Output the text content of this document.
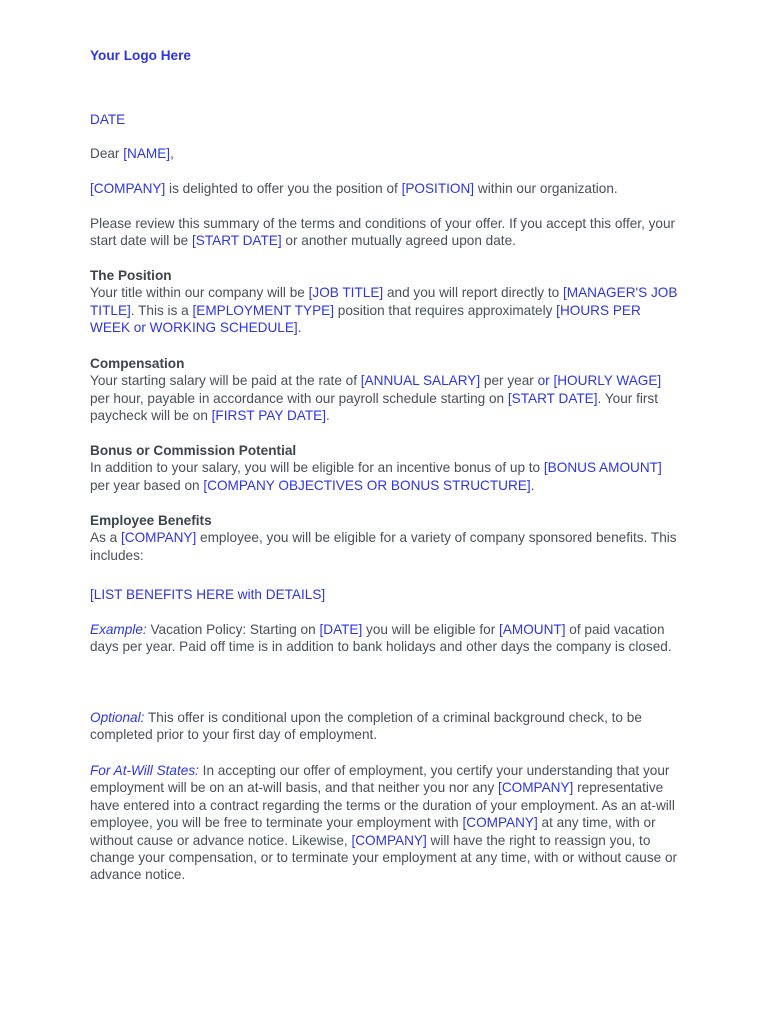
Your Logo Here
DATE
Dear [NAME],
[COMPANY] is delighted to offer you the position of [POSITION] within our organization.
Please review this summary of the terms and conditions of your offer. If you accept this offer, your start date will be [START DATE] or another mutually agreed upon date.
The Position
Your title within our company will be [JOB TITLE] and you will report directly to [MANAGER'S JOB TITLE]. This is a [EMPLOYMENT TYPE] position that requires approximately [HOURS PER WEEK or WORKING SCHEDULE].
Compensation
Your starting salary will be paid at the rate of [ANNUAL SALARY] per year or [HOURLY WAGE] per hour, payable in accordance with our payroll schedule starting on [START DATE]. Your first paycheck will be on [FIRST PAY DATE].
Bonus or Commission Potential
In addition to your salary, you will be eligible for an incentive bonus of up to [BONUS AMOUNT] per year based on [COMPANY OBJECTIVES OR BONUS STRUCTURE].
Employee Benefits
As a [COMPANY] employee, you will be eligible for a variety of company sponsored benefits. This includes:
[LIST BENEFITS HERE with DETAILS]
Example: Vacation Policy: Starting on [DATE] you will be eligible for [AMOUNT] of paid vacation days per year. Paid off time is in addition to bank holidays and other days the company is closed.
Optional: This offer is conditional upon the completion of a criminal background check, to be completed prior to your first day of employment.
For At-Will States: In accepting our offer of employment, you certify your understanding that your employment will be on an at-will basis, and that neither you nor any [COMPANY] representative have entered into a contract regarding the terms or the duration of your employment. As an at-will employee, you will be free to terminate your employment with [COMPANY] at any time, with or without cause or advance notice. Likewise, [COMPANY] will have the right to reassign you, to change your compensation, or to terminate your employment at any time, with or without cause or advance notice.
